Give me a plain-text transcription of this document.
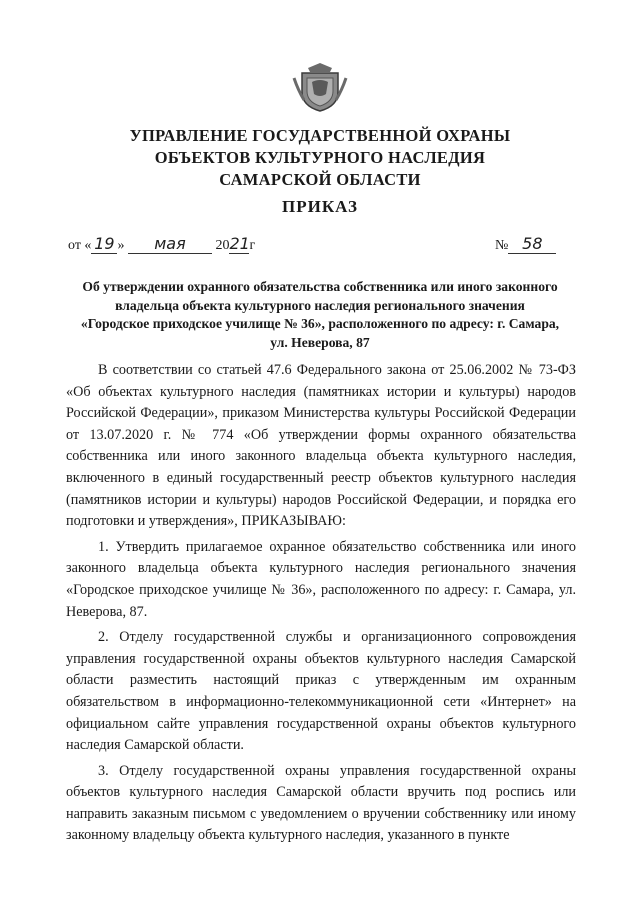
УПРАВЛЕНИЕ ГОСУДАРСТВЕННОЙ ОХРАНЫ
ОБЪЕКТОВ КУЛЬТУРНОГО НАСЛЕДИЯ
САМАРСКОЙ ОБЛАСТИ
ПРИКАЗ
от « 19 » мая 2021г	№ 58
Об утверждении охранного обязательства собственника или иного законного
владельца объекта культурного наследия регионального значения
«Городское приходское училище № 36», расположенного по адресу: г. Самара,
ул. Неверова, 87

В соответствии со статьей 47.6 Федерального закона от 25.06.2002 № 73-ФЗ «Об объектах культурного наследия (памятниках истории и культуры) народов Российской Федерации», приказом Министерства культуры Российской Федерации от 13.07.2020 г. № 774 «Об утверждении формы охранного обязательства собственника или иного законного владельца объекта культурного наследия, включенного в единый государственный реестр объектов культурного наследия (памятников истории и культуры) народов Российской Федерации, и порядка его подготовки и утверждения», ПРИКАЗЫВАЮ:

1. Утвердить прилагаемое охранное обязательство собственника или иного законного владельца объекта культурного наследия регионального значения «Городское приходское училище № 36», расположенного по адресу: г. Самара, ул. Неверова, 87.

2. Отделу государственной службы и организационного сопровождения управления государственной охраны объектов культурного наследия Самарской области разместить настоящий приказ с утвержденным им охранным обязательством в информационно-телекоммуникационной сети «Интернет» на официальном сайте управления государственной охраны объектов культурного наследия Самарской области.

3. Отделу государственной охраны управления государственной охраны объектов культурного наследия Самарской области вручить под роспись или направить заказным письмом с уведомлением о вручении собственнику или иному законному владельцу объекта культурного наследия, указанного в пункте
